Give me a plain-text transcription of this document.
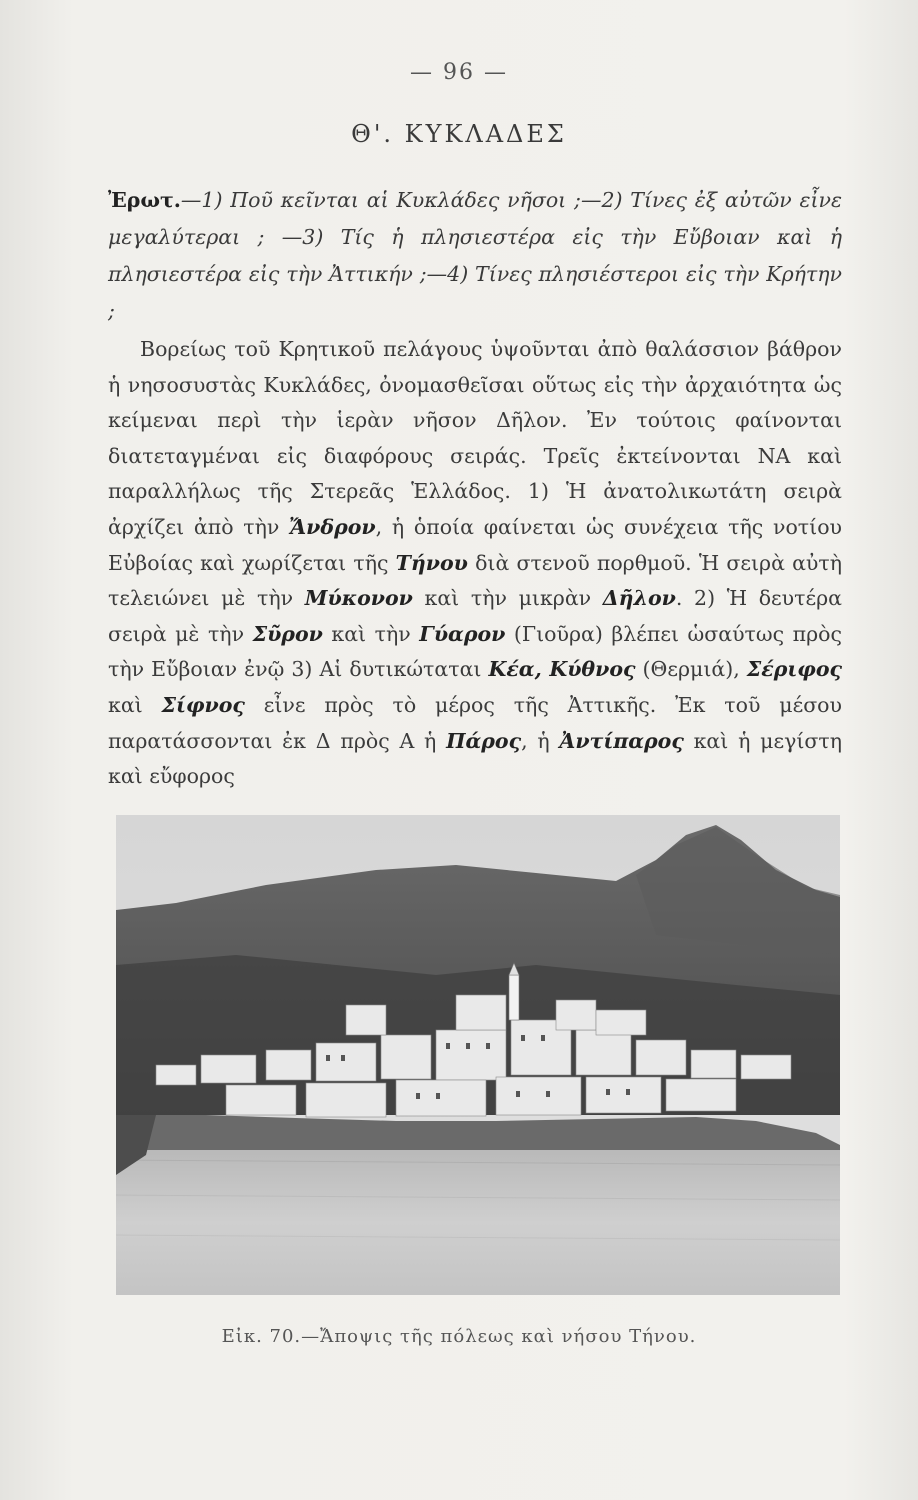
— 96 —
Θ'. ΚΥΚΛΑΔΕΣ
Ἐρωτ.—1) Ποῦ κεῖνται αἱ Κυκλάδες νῆσοι ;—2) Τίνες ἐξ αὐτῶν εἶνε μεγαλύτεραι ; —3) Τίς ἡ πλησιεστέρα εἰς τὴν Εὔβοιαν καὶ ἡ πλησιεστέρα εἰς τὴν Ἀττικήν ;—4) Τίνες πλησιέστεροι εἰς τὴν Κρήτην ;
Βορείως τοῦ Κρητικοῦ πελάγους ὑψοῦνται ἀπὸ θαλάσσιον βάθρον ἡ νησοσυστὰς Κυκλάδες, ὀνομασθεῖσαι οὕτως εἰς τὴν ἀρχαιότητα ὡς κείμεναι περὶ τὴν ἱερὰν νῆσον Δῆλον. Ἐν τούτοις φαίνονται διατεταγμέναι εἰς διαφόρους σειράς. Τρεῖς ἐκτείνονται ΝΑ καὶ παραλλήλως τῆς Στερεᾶς Ἑλλάδος. 1) Ἡ ἀνατολικωτάτη σειρὰ ἀρχίζει ἀπὸ τὴν Ἄνδρον, ἡ ὁποία φαίνεται ὡς συνέχεια τῆς νοτίου Εὐβοίας καὶ χωρίζεται τῆς Τήνου διὰ στενοῦ πορθμοῦ. Ἡ σειρὰ αὐτὴ τελειώνει μὲ τὴν Μύκονον καὶ τὴν μικρὰν Δῆλον. 2) Ἡ δευτέρα σειρὰ μὲ τὴν Σῦρον καὶ τὴν Γύαρον (Γιοῦρα) βλέπει ὡσαύτως πρὸς τὴν Εὔβοιαν ἐνῷ 3) Αἱ δυτικώταται Κέα, Κύθνος (Θερμιά), Σέριφος καὶ Σίφνος εἶνε πρὸς τὸ μέρος τῆς Ἀττικῆς. Ἐκ τοῦ μέσου παρατάσσονται ἐκ Δ πρὸς Α ἡ Πάρος, ἡ Ἀντίπαρος καὶ ἡ μεγίστη καὶ εὔφορος
Εἰκ. 70.—Ἄποψις τῆς πόλεως καὶ νήσου Τήνου.
